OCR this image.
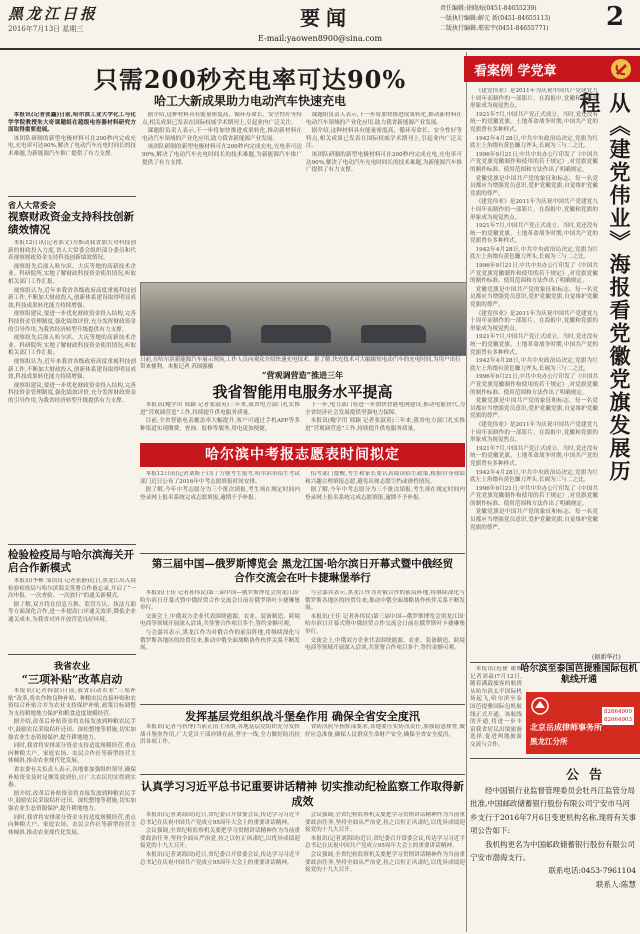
黑龙江日报
2016年7月13日 星期三	要闻
E-mail:yaowen8900@sina.com
责任编辑:徐晓海(0451-84655239)
一版执行编辑:解元 新(0451-84655113)
二版执行编辑:邢宏宇(0451-84655771) 2
只需200秒充电率可达90%
哈工大新成果助力电动汽车快速充电

本报讯(记者张鑫)日前,哈尔滨工业大学化工与化学学院教授朱大奇课题组在超级电容器材料研究方面取得重要进展。

该团队研制的新型电极材料可在200秒内完成充电,充电率可达90%,解决了电动汽车充电时间长的技术难题,为新能源汽车推广提供了有力支撑。

据介绍,这种材料具有能量密度高、循环寿命长、安全性好等特点,相关成果已发表在国际权威学术期刊上,引起业内广泛关注。

课题组负责人表示,下一步将加快推进成果转化,推动新材料在电动汽车领域的产业化应用,助力我省新能源产业发展。

该团队研制的新型电极材料可在200秒内完成充电,充电率可达90%,解决了电动汽车充电时间长的技术难题,为新能源汽车推广提供了有力支撑。

课题组负责人表示,下一步将加快推进成果转化,推动新材料在电动汽车领域的产业化应用,助力我省新能源产业发展。

据介绍,这种材料具有能量密度高、循环寿命长、安全性好等特点,相关成果已发表在国际权威学术期刊上,引起业内广泛关注。

该团队研制的新型电极材料可在200秒内完成充电,充电率可达90%,解决了电动汽车充电时间长的技术难题,为新能源汽车推广提供了有力支撑。

日前,在哈尔滨新能源汽车展示现场,工作人员向观众介绍快速充电技术。据了解,快充技术可大幅缩短电动汽车的充电时间,为用户出行带来便利。本报记者 苏国强摄
省人大常委会
视察财政资金支持科技创新绩效情况

本报12日讯(记者郭文)为推动我省加大对科技创新的财政投入力度,省人大常委会组织部分委员和代表视察财政资金支持科技创新绩效情况。

视察组先后深入哈尔滨、大庆等地的高新技术企业、科研院所,实地了解财政科技资金使用情况,听取相关部门工作汇报。

视察组认为,近年来我省各级政府高度重视科技创新工作,不断加大财政投入,创新体系建设取得明显成效,科技成果转化能力持续增强。

视察组建议,要进一步优化财政资金投入结构,完善科技资金管理制度,强化绩效评价,充分发挥财政资金的引导作用,为我省经济转型升级提供有力支撑。

视察组先后深入哈尔滨、大庆等地的高新技术企业、科研院所,实地了解财政科技资金使用情况,听取相关部门工作汇报。

视察组认为,近年来我省各级政府高度重视科技创新工作,不断加大财政投入,创新体系建设取得明显成效,科技成果转化能力持续增强。

视察组建议,要进一步优化财政资金投入结构,完善科技资金管理制度,强化绩效评价,充分发挥财政资金的引导作用,为我省经济转型升级提供有力支撑。

检验检疫局与哈尔滨海关开启合作新模式

本报讯(李彬 邹国良 记者张静)近日,黑龙江出入境检验检疫局与哈尔滨海关签署合作备忘录,开启了“一次申报、一次查验、一次放行”的通关新模式。

据了解,双方将在信息互换、监管互认、执法互助等方面深化合作,进一步提高口岸通关效率,降低企业通关成本,为我省对外开放营造良好环境。

我省农业
“三项补贴”改革启动

本报讯(记者韩波)日前,我省启动农业“三项补贴”改革,将农作物良种补贴、种粮农民直接补贴和农资综合补贴合并为农业支持保护补贴,政策目标调整为支持耕地地力保护和粮食适度规模经营。

据介绍,改革后补贴资金将直接发放到种粮农民手中,鼓励农民采取秸秆还田、深松整地等措施,切实加强农业生态资源保护,提升耕地地力。

同时,我省将安排部分资金支持适度规模经营,重点向种粮大户、家庭农场、农民合作社等新型经营主体倾斜,推动农业现代化发展。

省农委有关负责人表示,各地要加强组织领导,确保补贴资金及时足额发放到位,让广大农民切实得到实惠。

据介绍,改革后补贴资金将直接发放到种粮农民手中,鼓励农民采取秸秆还田、深松整地等措施,切实加强农业生态资源保护,提升耕地地力。

同时,我省将安排部分资金支持适度规模经营,重点向种粮大户、家庭农场、农民合作社等新型经营主体倾斜,推动农业现代化发展。

“营观调营造”推进三年
我省智能用电服务水平提高

本报讯(鲍学用 邢颖 记者张淑英)三年来,我省电力部门扎实推进“营观调营造”工作,持续提升供电服务质量。

目前,全省智能电表覆盖率大幅提升,客户可通过手机APP等多种渠道实现缴费、查询、报修等服务,用电更加便捷。

下一步,电力部门将进一步加快智能电网建设,推动电能替代,为全省经济社会发展提供坚强电力保障。

本报讯(鲍学用 邢颖 记者张淑英)三年来,我省电力部门扎实推进“营观调营造”工作,持续提升供电服务质量。

哈尔滨中考报志愿表时间拟定

本报12日讯(记者刘斯千)为了方便考生报考,哈尔滨市招生考试部门近日公布了2016年中考志愿填报时间安排。

据了解,今年中考志愿分为三个批次填报,考生须在规定时间内登录网上报名系统完成志愿填报,逾期不予补报。

招考部门提醒,考生和家长要认真阅读招生政策,根据自身成绩和兴趣合理填报志愿,避免出现志愿空挡或滑档情况。

据了解,今年中考志愿分为三个批次填报,考生须在规定时间内登录网上报名系统完成志愿填报,逾期不予补报。

第三届中国—俄罗斯博览会 黑龙江国·哈尔滨日开幕式暨中俄经贸合作交流会在叶卡捷琳堡举行

本报讯(王佳 记者孙伟民)第三届中国—俄罗斯博览会黑龙江国·哈尔滨日开幕式暨中俄经贸合作交流会日前在俄罗斯叶卡捷琳堡举行。

交流会上,中俄双方企业代表围绕能源、农业、装备制造、跨境电商等领域开展深入洽谈,共签署合作项目多个,签约金额可观。

与会嘉宾表示,黑龙江作为对俄合作的前沿阵地,将继续深化与俄罗斯各地区的经贸往来,推动中俄全面战略协作伙伴关系不断发展。

与会嘉宾表示,黑龙江作为对俄合作的前沿阵地,将继续深化与俄罗斯各地区的经贸往来,推动中俄全面战略协作伙伴关系不断发展。

本报讯(王佳 记者孙伟民)第三届中国—俄罗斯博览会黑龙江国·哈尔滨日开幕式暨中俄经贸合作交流会日前在俄罗斯叶卡捷琳堡举行。

交流会上,中俄双方企业代表围绕能源、农业、装备制造、跨境电商等领域开展深入洽谈,共签署合作项目多个,签约金额可观。

发挥基层党组织战斗堡垒作用 确保全省安全度汛

本报讯(记者马智博)当前正值主汛期,各地基层党组织充分发挥战斗堡垒作用,广大党员干部冲锋在前,坚守一线,全力做好防汛抗洪各项工作。

省防汛抗旱指挥部要求,各地要压实防汛责任,加强隐患排查,做好应急准备,确保人民群众生命财产安全,确保全省安全度汛。

认真学习习近平总书记重要讲话精神 切实推动纪检监察工作取得新成效

本报讯(记者刘海国)近日,省纪委召开常委会议,传达学习习近平总书记在庆祝中国共产党成立95周年大会上的重要讲话精神。

会议强调,全省纪检监察机关要把学习贯彻讲话精神作为当前重要政治任务,坚持全面从严治党,持之以恒正风肃纪,以优异成绩迎接党的十九大召开。

本报讯(记者刘海国)近日,省纪委召开常委会议,传达学习习近平总书记在庆祝中国共产党成立95周年大会上的重要讲话精神。

会议强调,全省纪检监察机关要把学习贯彻讲话精神作为当前重要政治任务,坚持全面从严治党,持之以恒正风肃纪,以优异成绩迎接党的十九大召开。

本报讯(记者刘海国)近日,省纪委召开常委会议,传达学习习近平总书记在庆祝中国共产党成立95周年大会上的重要讲话精神。

会议强调,全省纪检监察机关要把学习贯彻讲话精神作为当前重要政治任务,坚持全面从严治党,持之以恒正风肃纪,以优异成绩迎接党的十九大召开。

看案例 学党章
从《建党伟业》海报看党徽党旗发展历程

《建党伟业》是2011年为庆祝中国共产党建党九十周年而制作的一部影片。在海报中,党徽和党旗的形象成为视觉焦点。

1921年7月,中国共产党正式成立。当时,党还没有统一的党徽党旗。土地革命战争时期,中国共产党的党旗曾有多种样式。

1942年4月28日,中共中央政治局决定,党旗为红底左上角缀有黄色镰刀斧头,长阔为三与二之比。

1996年9月21日,中共中央办公厅印发了《中国共产党党旗党徽制作和使用的若干规定》,对党旗党徽的制作标准、使用范围和方法作出了明确规定。

党徽党旗是中国共产党的象征和标志。每一名党员都应当增强党员意识,爱护党徽党旗,自觉维护党徽党旗的尊严。

《建党伟业》是2011年为庆祝中国共产党建党九十周年而制作的一部影片。在海报中,党徽和党旗的形象成为视觉焦点。

1921年7月,中国共产党正式成立。当时,党还没有统一的党徽党旗。土地革命战争时期,中国共产党的党旗曾有多种样式。

1942年4月28日,中共中央政治局决定,党旗为红底左上角缀有黄色镰刀斧头,长阔为三与二之比。

1996年9月21日,中共中央办公厅印发了《中国共产党党旗党徽制作和使用的若干规定》,对党旗党徽的制作标准、使用范围和方法作出了明确规定。

党徽党旗是中国共产党的象征和标志。每一名党员都应当增强党员意识,爱护党徽党旗,自觉维护党徽党旗的尊严。

《建党伟业》是2011年为庆祝中国共产党建党九十周年而制作的一部影片。在海报中,党徽和党旗的形象成为视觉焦点。

1921年7月,中国共产党正式成立。当时,党还没有统一的党徽党旗。土地革命战争时期,中国共产党的党旗曾有多种样式。

1942年4月28日,中共中央政治局决定,党旗为红底左上角缀有黄色镰刀斧头,长阔为三与二之比。

1996年9月21日,中共中央办公厅印发了《中国共产党党旗党徽制作和使用的若干规定》,对党旗党徽的制作标准、使用范围和方法作出了明确规定。

党徽党旗是中国共产党的象征和标志。每一名党员都应当增强党员意识,爱护党徽党旗,自觉维护党徽党旗的尊严。

《建党伟业》是2011年为庆祝中国共产党建党九十周年而制作的一部影片。在海报中,党徽和党旗的形象成为视觉焦点。

1921年7月,中国共产党正式成立。当时,党还没有统一的党徽党旗。土地革命战争时期,中国共产党的党旗曾有多种样式。

1942年4月28日,中共中央政治局决定,党旗为红底左上角缀有黄色镰刀斧头,长阔为三与二之比。

1996年9月21日,中共中央办公厅印发了《中国共产党党旗党徽制作和使用的若干规定》,对党旗党徽的制作标准、使用范围和方法作出了明确规定。

党徽党旗是中国共产党的象征和标志。每一名党员都应当增强党员意识,爱护党徽党旗,自觉维护党徽党旗的尊严。

(据新华社)
哈尔滨至泰国芭提雅国际包机航线开通

本报讯(迟捷 谢威 记者刘淼)7月12日,随着满载旅客的航班从哈尔滨太平国际机场起飞,哈尔滨至泰国芭提雅国际包机航线正式开通。该航线的开通,将进一步丰富我省居民出境旅游选择,促进两地旅游交流与合作。

82664900
82664903
北京岳成律师事务所
黑龙江分所
公告

经中国银行业监督管理委员会牡丹江监管分局批准,中国邮政储蓄银行股份有限公司宁安市马河乡支行于2016年7月6日变更机构名称,现将有关事项公告如下:

我机构更名为中国邮政储蓄银行股份有限公司宁安市渤海支行。

联系电话:0453-7961104

联系人:陈慧
